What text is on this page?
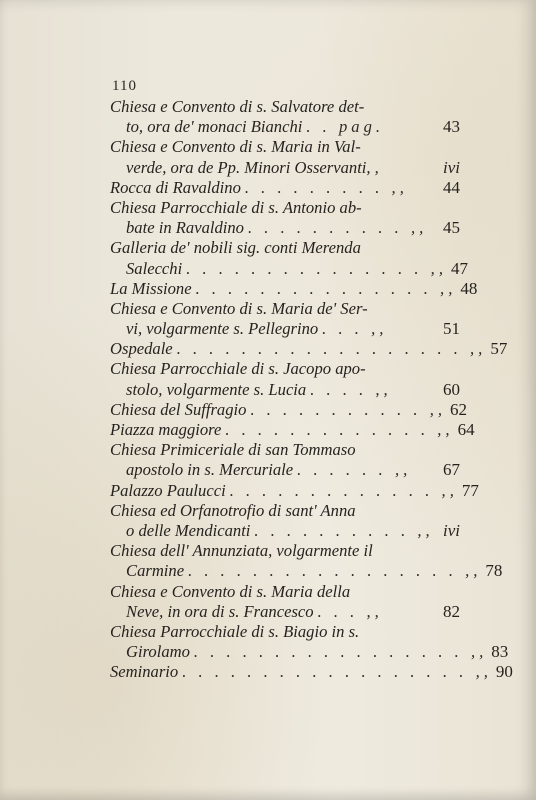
110
Chiesa e Convento di s. Salvatore det-
to, ora de' monaci Bianchi . . pag.	43
Chiesa e Convento di s. Maria in Val-
verde, ora de Pp. Minori Osservanti, ,	ivi
Rocca di Ravaldino . . . . . . . . . ,,	44
Chiesa Parrocchiale di s. Antonio ab-
bate in Ravaldino . . . . . . . . . . ,, 45
Galleria de' nobili sig. conti Merenda
Salecchi . . . . . . . . . . . . . . . ,, 47
La Missione . . . . . . . . . . . . . . . ,, 48
Chiesa e Convento di s. Maria de' Ser-
vi, volgarmente s. Pellegrino . . . ,,	51
Ospedale . . . . . . . . . . . . . . . . . . ,, 57
Chiesa Parrocchiale di s. Jacopo apo-
stolo, volgarmente s. Lucia . . . . ,,	60
Chiesa del Suffragio . . . . . . . . . . . ,, 62
Piazza maggiore . . . . . . . . . . . . . ,, 64
Chiesa Primiceriale di san Tommaso
apostolo in s. Mercuriale . . . . . . ,,	67
Palazzo Paulucci . . . . . . . . . . . . . ,, 77
Chiesa ed Orfanotrofio di sant' Anna
o delle Mendicanti . . . . . . . . . . ,, ivi
Chiesa dell' Annunziata, volgarmente il
Carmine . . . . . . . . . . . . . . . . . ,, 78
Chiesa e Convento di s. Maria della
Neve, in ora di s. Francesco . . . ,,	82
Chiesa Parrocchiale di s. Biagio in s.
Girolamo . . . . . . . . . . . . . . . . . ,, 83
Seminario . . . . . . . . . . . . . . . . . . ,, 90
